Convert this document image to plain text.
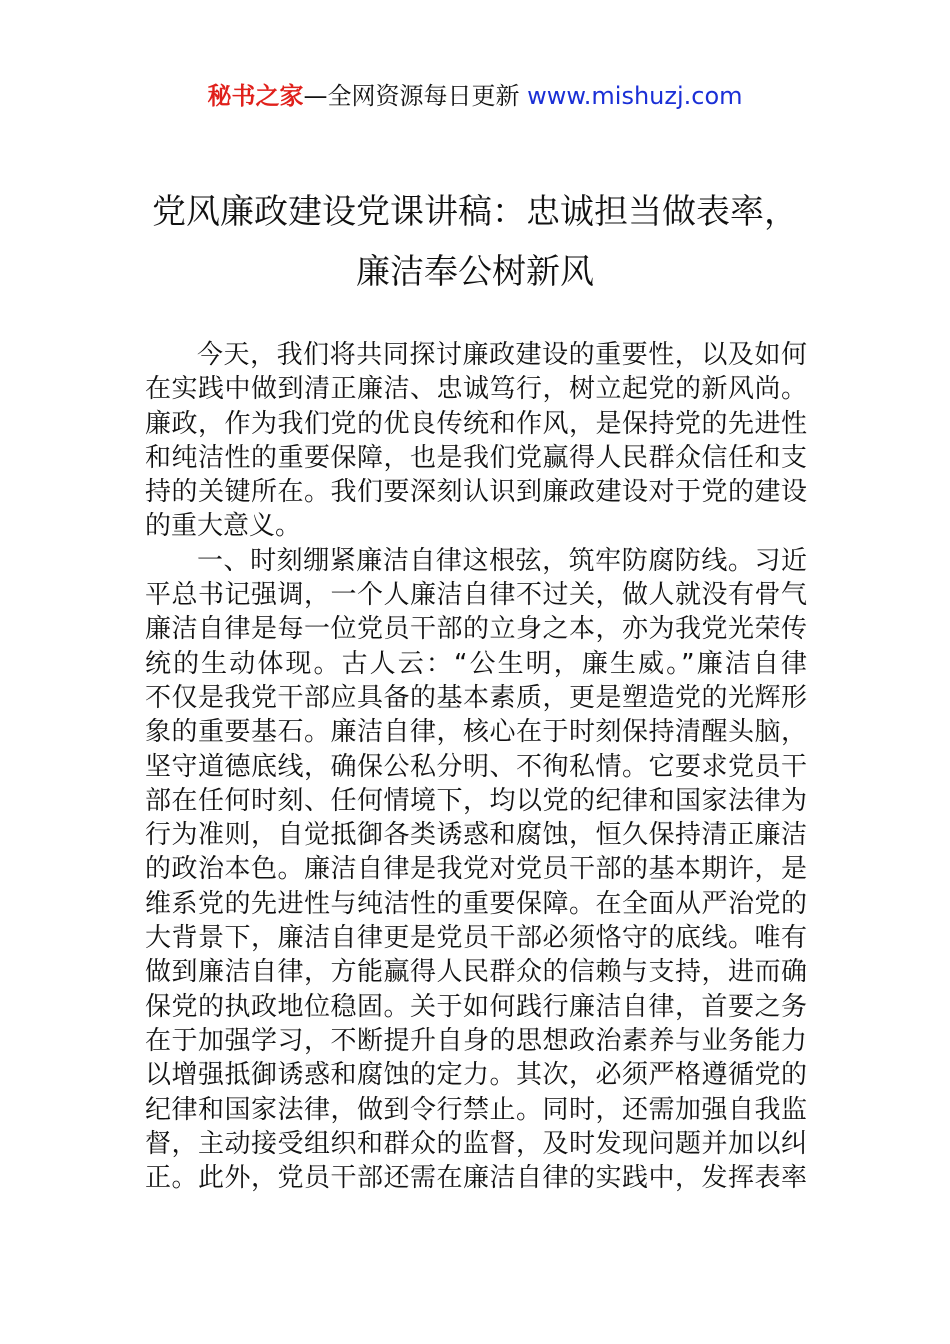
秘书之家—全网资源每日更新 www.mishuzj.com
党风廉政建设党课讲稿：忠诚担当做表率，
廉洁奉公树新风
今天，我们将共同探讨廉政建设的重要性，以及如何
在实践中做到清正廉洁、忠诚笃行，树立起党的新风尚。
廉政，作为我们党的优良传统和作风，是保持党的先进性
和纯洁性的重要保障，也是我们党赢得人民群众信任和支
持的关键所在。我们要深刻认识到廉政建设对于党的建设
的重大意义。
一、时刻绷紧廉洁自律这根弦，筑牢防腐防线。习近
平总书记强调，一个人廉洁自律不过关，做人就没有骨气
廉洁自律是每一位党员干部的立身之本，亦为我党光荣传
统的生动体现。古人云：“公生明，廉生威。”廉洁自律
不仅是我党干部应具备的基本素质，更是塑造党的光辉形
象的重要基石。廉洁自律，核心在于时刻保持清醒头脑，
坚守道德底线，确保公私分明、不徇私情。它要求党员干
部在任何时刻、任何情境下，均以党的纪律和国家法律为
行为准则，自觉抵御各类诱惑和腐蚀，恒久保持清正廉洁
的政治本色。廉洁自律是我党对党员干部的基本期许，是
维系党的先进性与纯洁性的重要保障。在全面从严治党的
大背景下，廉洁自律更是党员干部必须恪守的底线。唯有
做到廉洁自律，方能赢得人民群众的信赖与支持，进而确
保党的执政地位稳固。关于如何践行廉洁自律，首要之务
在于加强学习，不断提升自身的思想政治素养与业务能力
以增强抵御诱惑和腐蚀的定力。其次，必须严格遵循党的
纪律和国家法律，做到令行禁止。同时，还需加强自我监
督，主动接受组织和群众的监督，及时发现问题并加以纠
正。此外，党员干部还需在廉洁自律的实践中，发挥表率
